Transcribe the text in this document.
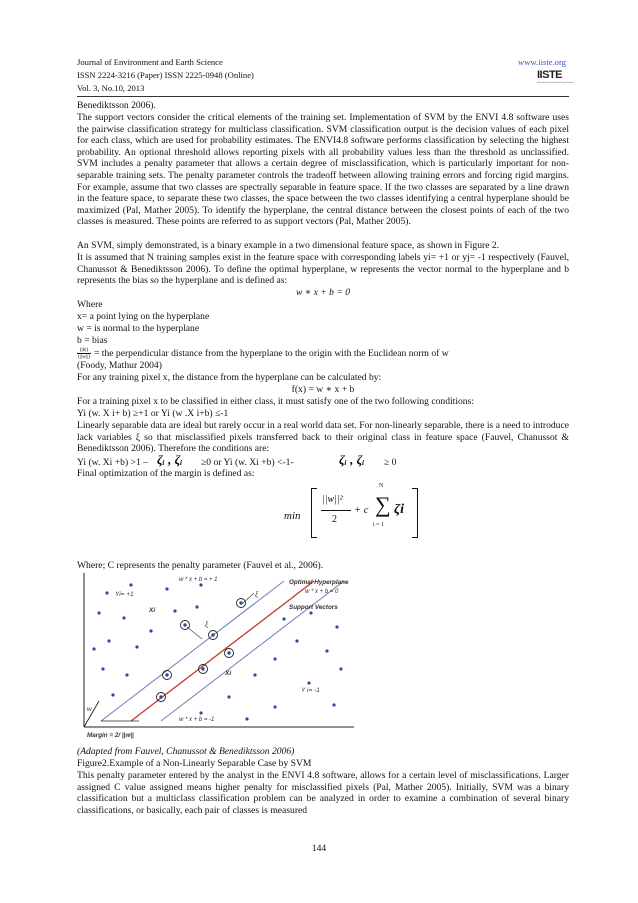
Journal of Environment and Earth Science
ISSN 2224-3216 (Paper) ISSN 2225-0948 (Online)
Vol. 3, No.10, 2013
www.iiste.org
IISTE
International Knowledge Sharing Platform
Benediktsson 2006).
The support vectors consider the critical elements of the training set. Implementation of SVM by the ENVI 4.8 software uses the pairwise classification strategy for multiclass classification. SVM classification output is the decision values of each pixel for each class, which are used for probability estimates. The ENVI4.8 software performs classification by selecting the highest probability. An optional threshold allows reporting pixels with all probability values less than the threshold as unclassified. SVM includes a penalty parameter that allows a certain degree of misclassification, which is particularly important for non-separable training sets. The penalty parameter controls the tradeoff between allowing training errors and forcing rigid margins. For example, assume that two classes are spectrally separable in feature space. If the two classes are separated by a line drawn in the feature space, to separate these two classes, the space between the two classes identifying a central hyperplane should be maximized (Pal, Mather 2005). To identify the hyperplane, the central distance between the closest points of each of the two classes is measured. These points are referred to as support vectors (Pal, Mather 2005).
An SVM, simply demonstrated, is a binary example in a two dimensional feature space, as shown in Figure 2.
It is assumed that N training samples exist in the feature space with corresponding labels yi= +1 or yj= -1 respectively (Fauvel, Chanussot & Benediktsson 2006). To define the optimal hyperplane, w represents the vector normal to the hyperplane and b represents the bias so the hyperplane and is defined as:
w ∗ x + b = 0
Where
x= a point lying on the hyperplane
w = is normal to the hyperplane
b = bias
$\frac{(|b|)}{(||w||)}$ = the perpendicular distance from the hyperplane to the origin with the Euclidean norm of w
(Foody, Mathur 2004)
For any training pixel x, the distance from the hyperplane can be calculated by:
f(x) = w ∗ x + b
For a training pixel x to be classified in either class, it must satisfy one of the two following conditions:
Yi (w. X i+ b) ≥+1 or Yi (w .X i+b) ≤-1
Linearly separable data are ideal but rarely occur in a real world data set. For non-linearly separable, there is a need to introduce lack variables ξ so that misclassified pixels transferred back to their original class in feature space (Fauvel, Chanussot & Benediktsson 2006). Therefore the conditions are:
Yi (w. Xi +b) >1 – ζᵢ , ζᵢ ≥0 or Yi (w. Xi +b) <-1-	ζᵢ , ζᵢ ≥ 0
Final optimization of the margin is defined as:
min
||w||²
2
+ c
N
∑
i = 1
ζi
Where; C represents the penalty parameter (Fauvel et al., 2006).
Yi= +1
Xi
w * x + b = + 1	Optimal Hyperplane
w * x + b = 0
ξ
ξ
Support Vectors
Xi
Y i= -1
w * x + b = -1
w
Margin = 2/ ||w||
(Adapted from Fauvel, Chanussot & Benediktsson 2006)
Figure2.Example of a Non-Linearly Separable Case by SVM
This penalty parameter entered by the analyst in the ENVI 4.8 software, allows for a certain level of misclassifications. Larger assigned C value assigned means higher penalty for misclassified pixels (Pal, Mather 2005). Initially, SVM was a binary classification but a multiclass classification problem can be analyzed in order to examine a combination of several binary classifications, or basically, each pair of classes is measured
144
